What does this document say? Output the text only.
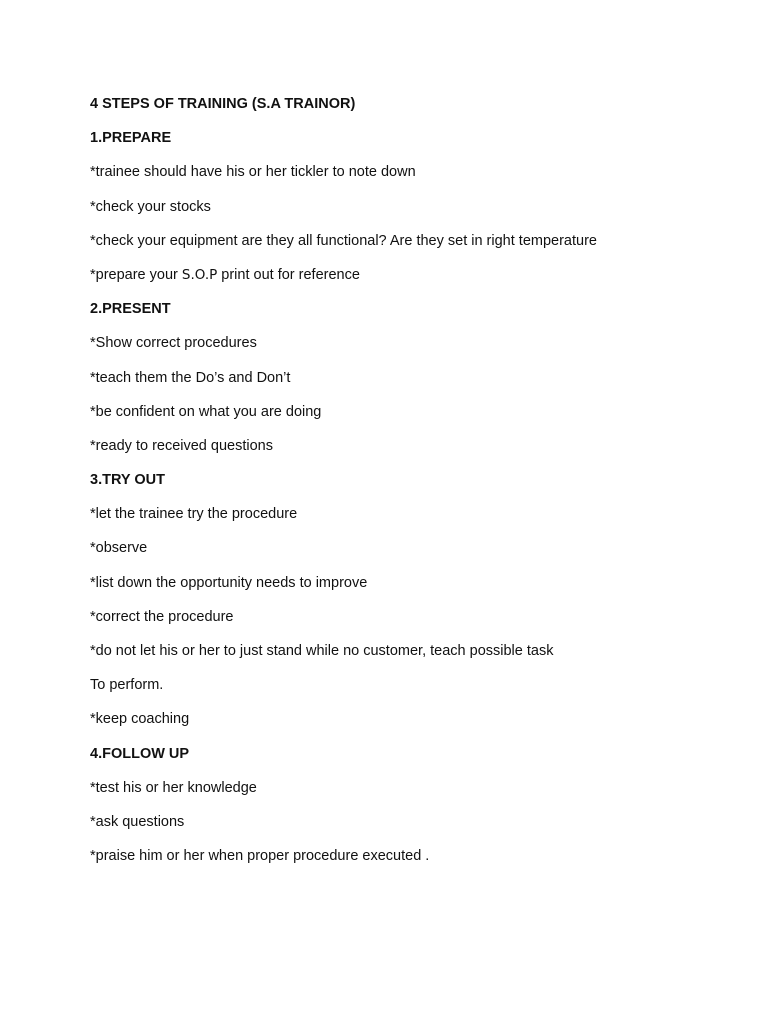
4 STEPS OF TRAINING (S.A TRAINOR)
1.PREPARE
*trainee should have his or her tickler to note down
*check your stocks
*check your equipment are they all functional? Are they set in right temperature
*prepare your S.O.P print out for reference
2.PRESENT
*Show correct procedures
*teach them the Do’s and Don’t
*be confident on what you are doing
*ready to received questions
3.TRY OUT
*let the trainee try the procedure
*observe
*list down the opportunity needs to improve
*correct the procedure
*do not let his or her to just stand while no customer, teach possible task
To perform.
*keep coaching
4.FOLLOW UP
*test his or her knowledge
*ask questions
*praise him or her when proper procedure executed .
